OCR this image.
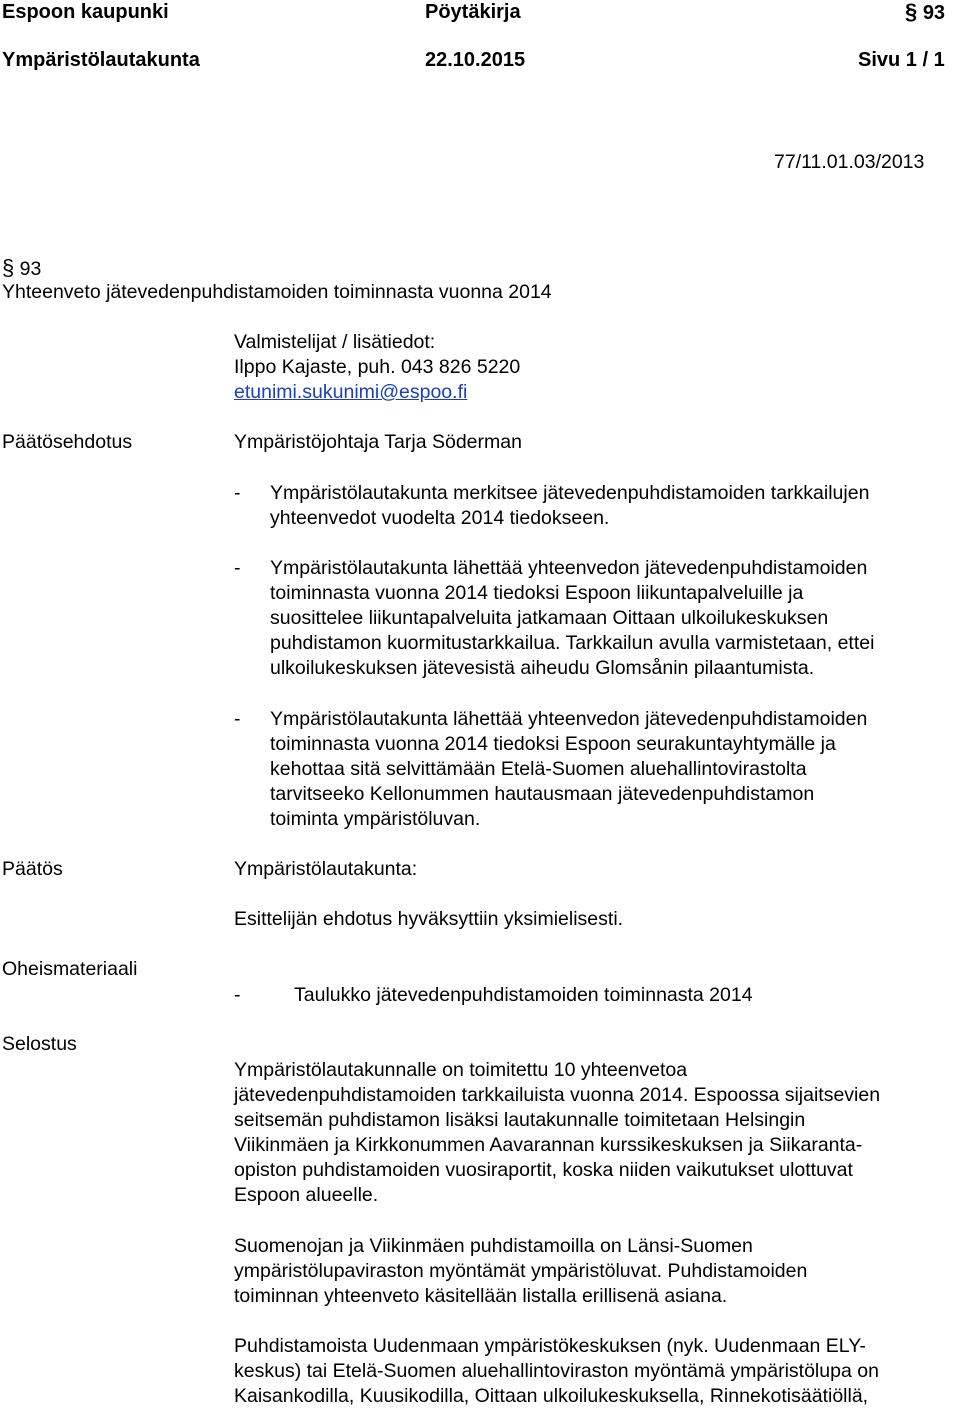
Espoon kaupunki	Pöytäkirja	§ 93
Ympäristölautakunta	22.10.2015	Sivu 1 / 1
77/11.01.03/2013
§ 93
Yhteenveto jätevedenpuhdistamoiden toiminnasta vuonna 2014
Valmistelijat / lisätiedot:
Ilppo Kajaste, puh. 043 826 5220
etunimi.sukunimi@espoo.fi
Päätösehdotus	Ympäristöjohtaja Tarja Söderman
- Ympäristölautakunta merkitsee jätevedenpuhdistamoiden tarkkailujen
yhteenvedot vuodelta 2014 tiedokseen.
- Ympäristölautakunta lähettää yhteenvedon jätevedenpuhdistamoiden
toiminnasta vuonna 2014 tiedoksi Espoon liikuntapalveluille ja
suosittelee liikuntapalveluita jatkamaan Oittaan ulkoilukeskuksen
puhdistamon kuormitustarkkailua. Tarkkailun avulla varmistetaan, ettei
ulkoilukeskuksen jätevesistä aiheudu Glomsånin pilaantumista.
- Ympäristölautakunta lähettää yhteenvedon jätevedenpuhdistamoiden
toiminnasta vuonna 2014 tiedoksi Espoon seurakuntayhtymälle ja
kehottaa sitä selvittämään Etelä-Suomen aluehallintovirastolta
tarvitseeko Kellonummen hautausmaan jätevedenpuhdistamon
toiminta ympäristöluvan.
Päätös	Ympäristölautakunta:
Esittelijän ehdotus hyväksyttiin yksimielisesti.
Oheismateriaali
-	Taulukko jätevedenpuhdistamoiden toiminnasta 2014
Selostus
Ympäristölautakunnalle on toimitettu 10 yhteenvetoa
jätevedenpuhdistamoiden tarkkailuista vuonna 2014. Espoossa sijaitsevien
seitsemän puhdistamon lisäksi lautakunnalle toimitetaan Helsingin
Viikinmäen ja Kirkkonummen Aavarannan kurssikeskuksen ja Siikaranta-
opiston puhdistamoiden vuosiraportit, koska niiden vaikutukset ulottuvat
Espoon alueelle.
Suomenojan ja Viikinmäen puhdistamoilla on Länsi-Suomen
ympäristölupaviraston myöntämät ympäristöluvat. Puhdistamoiden
toiminnan yhteenveto käsitellään listalla erillisenä asiana.
Puhdistamoista Uudenmaan ympäristökeskuksen (nyk. Uudenmaan ELY-
keskus) tai Etelä-Suomen aluehallintoviraston myöntämä ympäristölupa on
Kaisankodilla, Kuusikodilla, Oittaan ulkoilukeskuksella, Rinnekotisäätiöllä,
